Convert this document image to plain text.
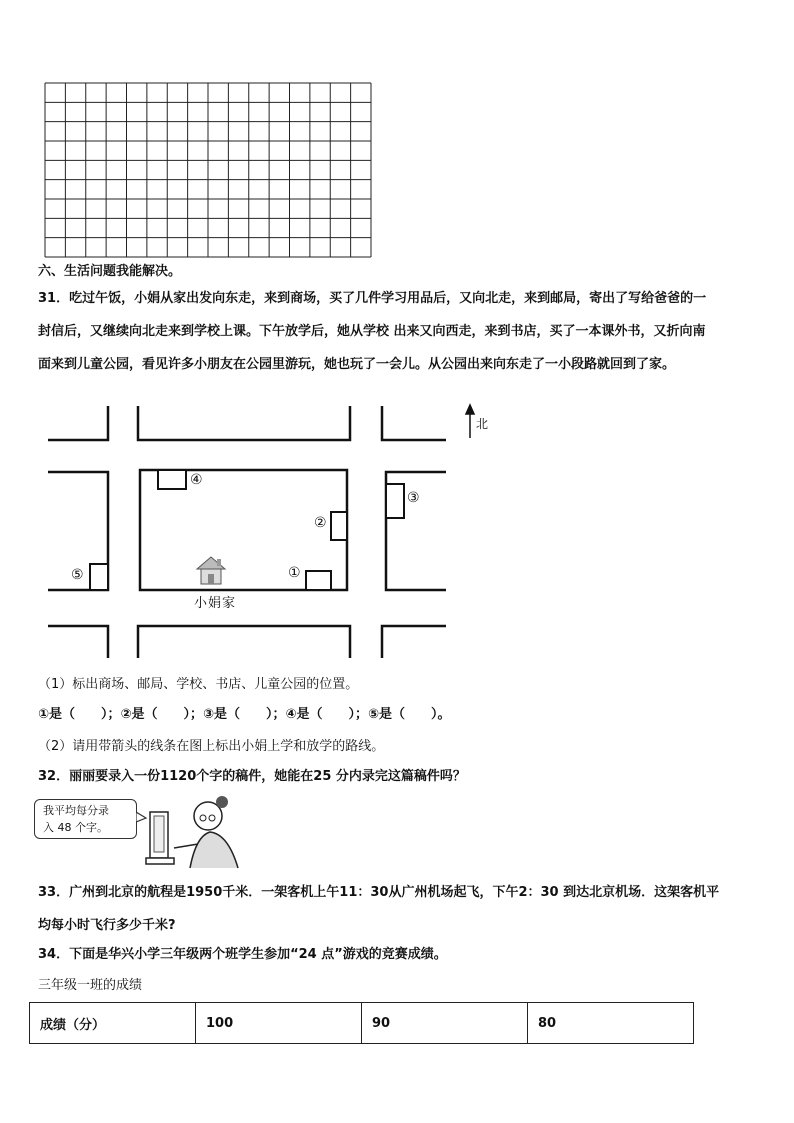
六、生活问题我能解决。
31．吃过午饭，小娟从家出发向东走，来到商场，买了几件学习用品后，又向北走，来到邮局，寄出了写给爸爸的一
封信后，又继续向北走来到学校上课。下午放学后，她从学校 出来又向西走，来到书店，买了一本课外书，又折向南
面来到儿童公园，看见许多小朋友在公园里游玩，她也玩了一会儿。从公园出来向东走了一小段路就回到了家。
北
④
②
③
①
⑤
小娟家
（1）标出商场、邮局、学校、书店、儿童公园的位置。
①是（　　）；②是（　　）；③是（　　）；④是（　　）；⑤是（　　）。
（2）请用带箭头的线条在图上标出小娟上学和放学的路线。
32．丽丽要录入一份1120个字的稿件，她能在25 分内录完这篇稿件吗？
我平均每分录
入 48 个字。
33．广州到北京的航程是1950千米．一架客机上午11：30从广州机场起飞，下午2：30 到达北京机场．这架客机平
均每小时飞行多少千米?
34．下面是华兴小学三年级两个班学生参加“24 点”游戏的竞赛成绩。
三年级一班的成绩
成绩（分）	100	90	80
